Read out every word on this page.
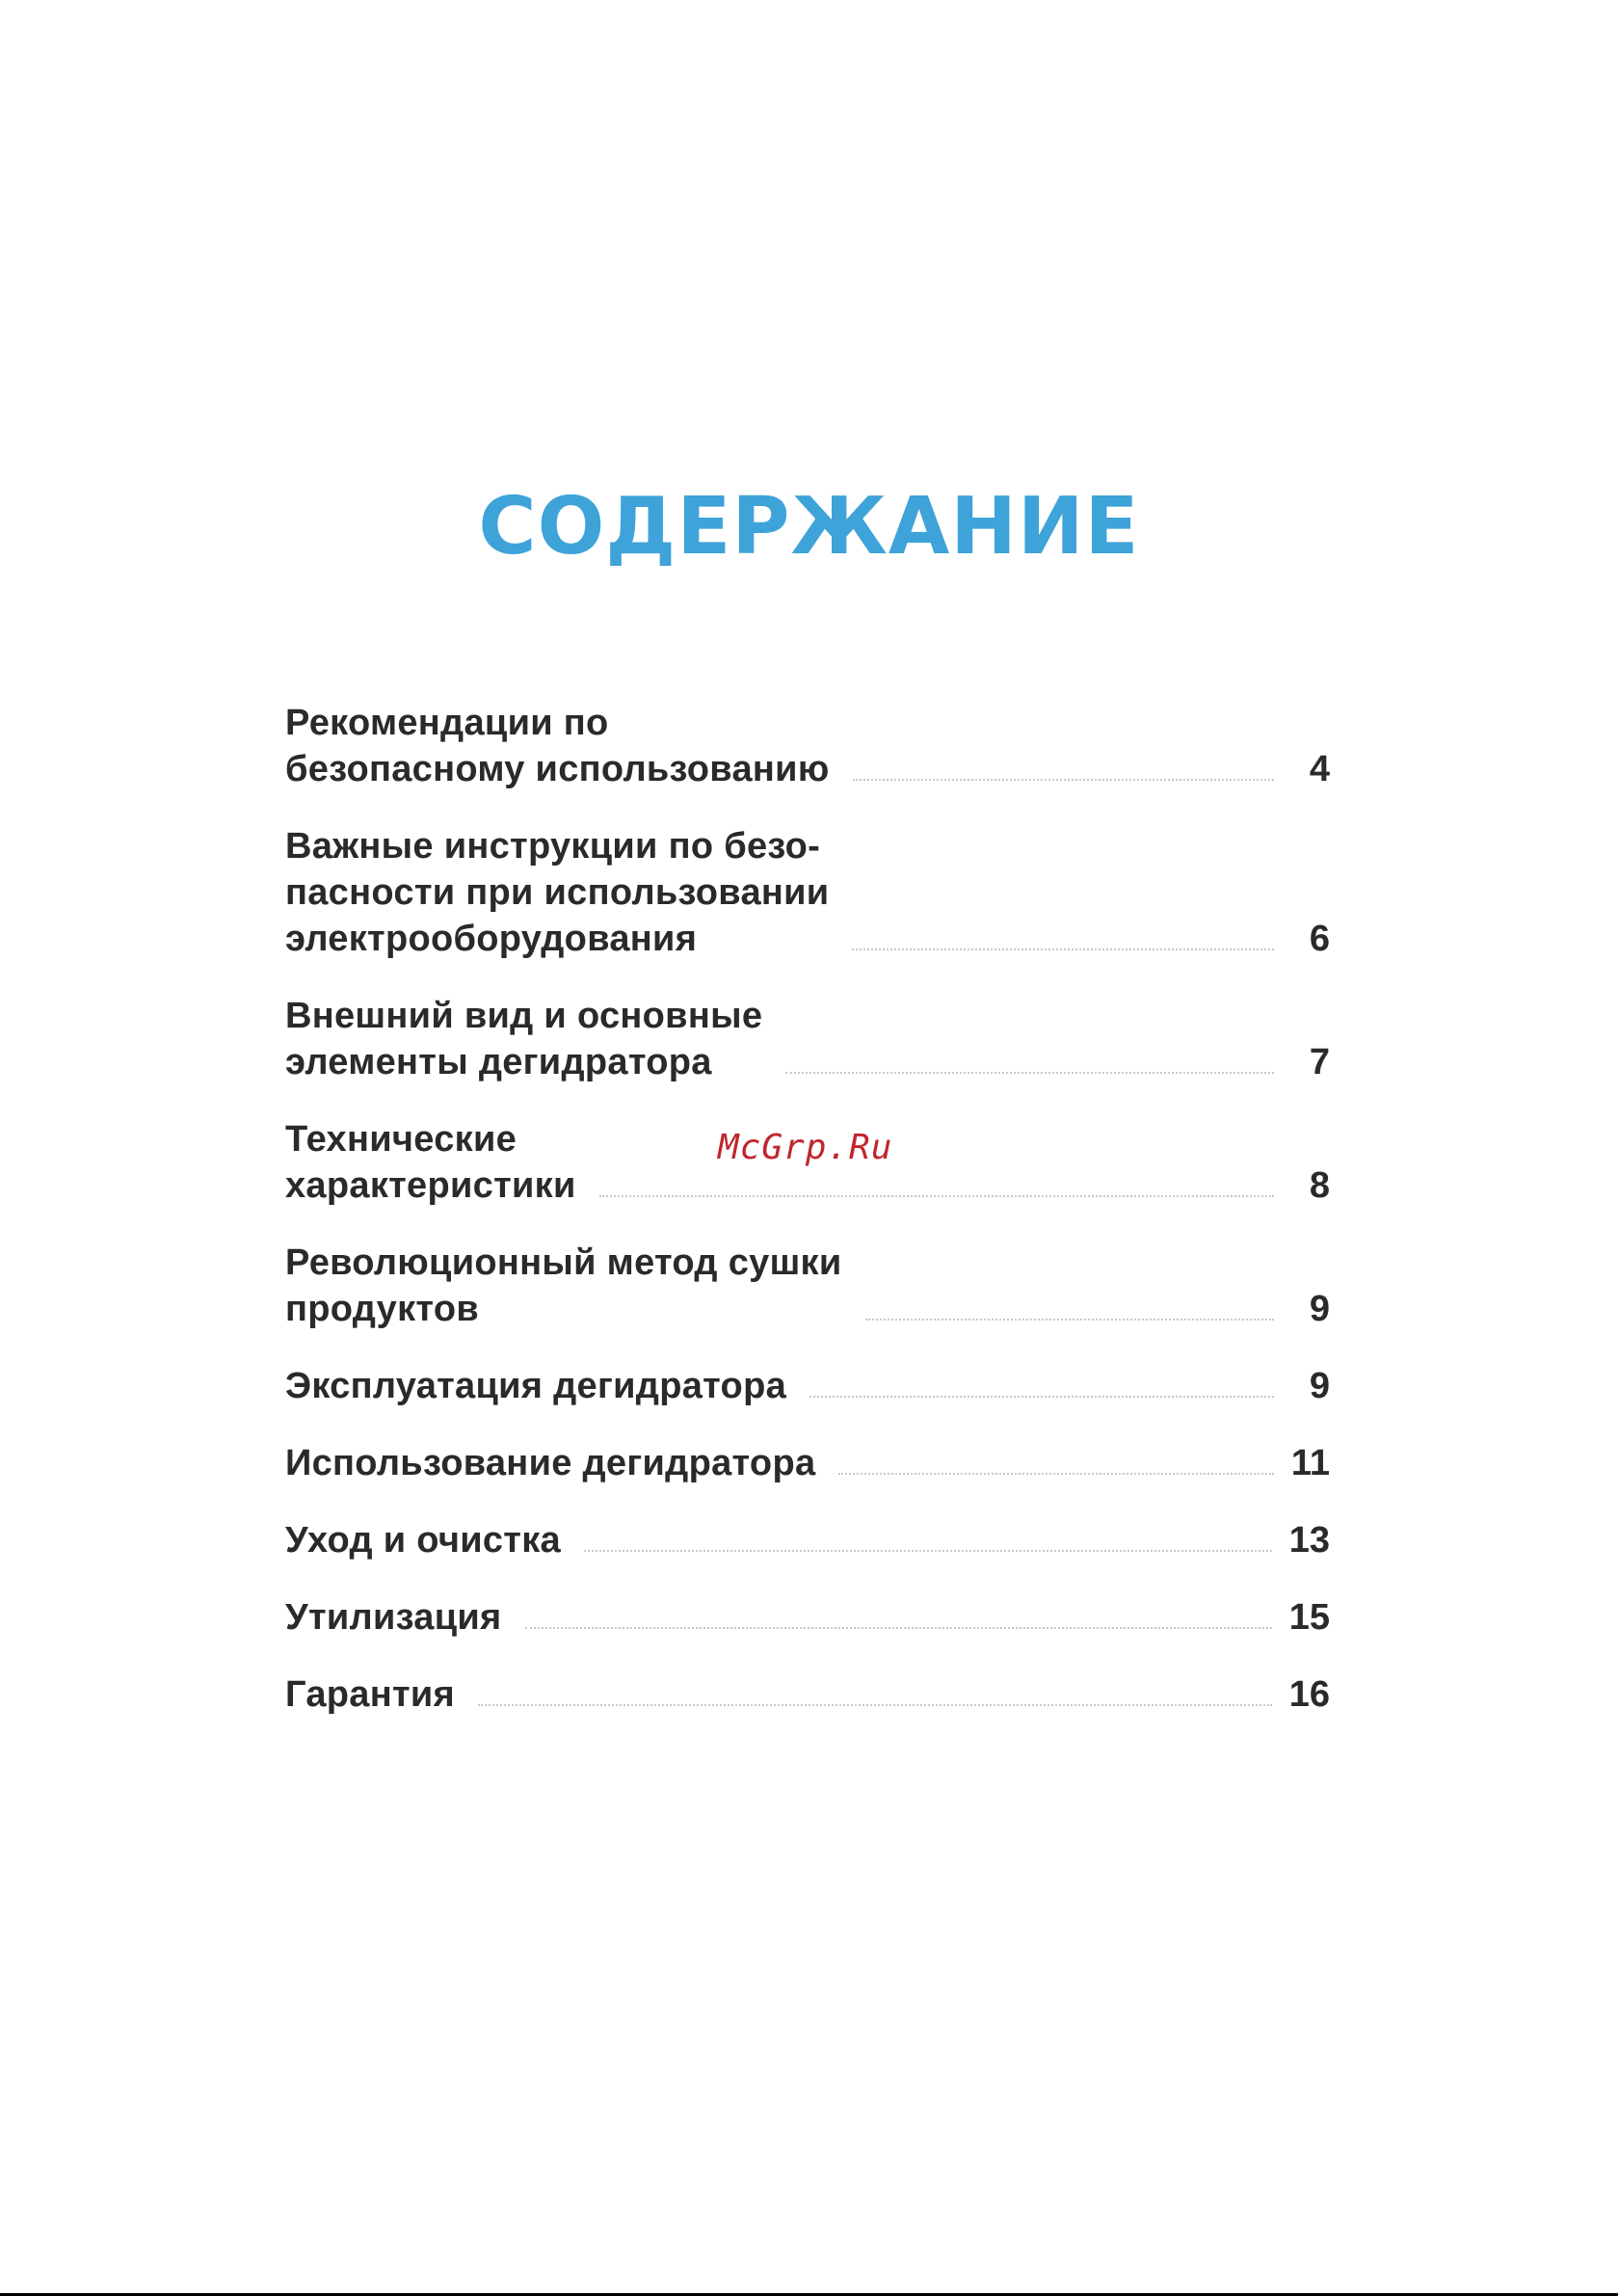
СОДЕРЖАНИЕ
Рекомендации по
безопасному использованию	4
Важные инструкции по безо-
пасности при использовании
электрооборудования	6
Внешний вид и основные
элементы дегидратора	7
Технические
характеристики	8
Революционный метод сушки
продуктов	9
Эксплуатация дегидратора	9
Использование дегидратора	11
Уход и очистка	13
Утилизация	15
Гарантия	16
McGrp.Ru
